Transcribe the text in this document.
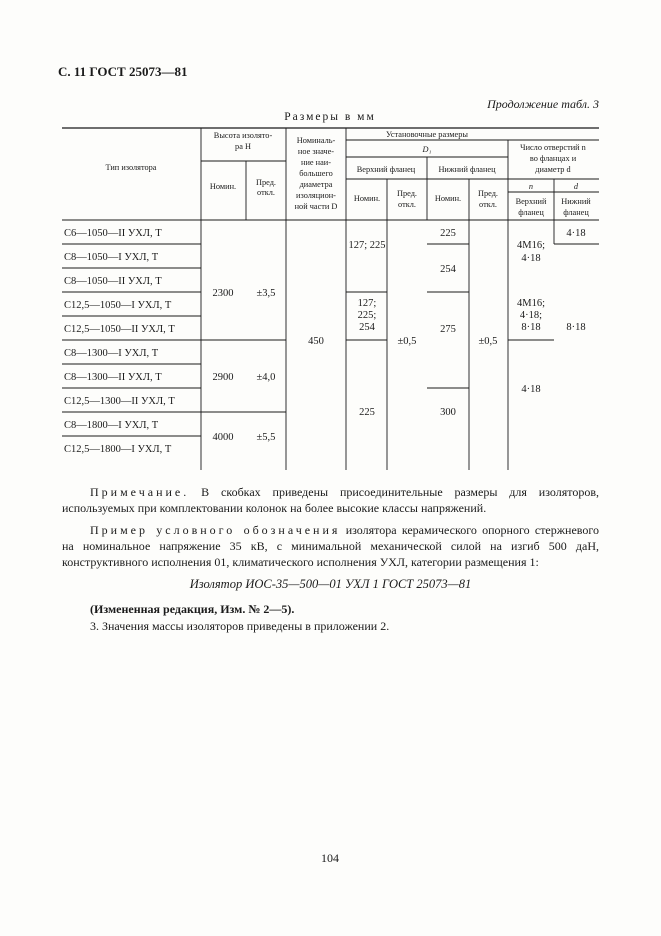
С. 11 ГОСТ 25073—81
Продолжение табл. 3
Размеры в мм
Тип изолятора
Высота изолято-
ра H
Номин. Пред.
откл.
Номиналь-
ное значе-
ние наи-
большего
диаметра
изоляцион-
ной части D
Установочные размеры
D₁
Верхний фланец	Нижний фланец
Номин.
Пред.
откл.
Номин.
Пред.
откл.
Число отверстий n
во фланцах и
диаметр d
n	d
Верхний
фланец
Нижний
фланец
С6—1050—II УХЛ, Т
С8—1050—I УХЛ, Т
С8—1050—II УХЛ, Т
С12,5—1050—I УХЛ, Т
С12,5—1050—II УХЛ, Т
С8—1300—I УХЛ, Т
С8—1300—II УХЛ, Т
С12,5—1300—II УХЛ, Т
С8—1800—I УХЛ, Т
С12,5—1800—I УХЛ, Т
2300 ±3,5
2900 ±4,0
4000 ±5,5
450
127; 225
127;
225;
254
225
±0,5
225
254
275
300
±0,5
4М16;
4·18
4М16;
4·18;
8·18
4·18
4·18
8·18
Примечание. В скобках приведены присоединительные размеры для изоляторов, используемых при комплектовании колонок на более высокие классы напряжений.
Пример условного обозначения изолятора керамического опорного стержневого на номинальное напряжение 35 кВ, с минимальной механической силой на изгиб 500 даН, конструктивного исполнения 01, климатического исполнения УХЛ, категории размещения 1:
Изолятор ИОС-35—500—01 УХЛ 1 ГОСТ 25073—81
(Измененная редакция, Изм. № 2—5).
3. Значения массы изоляторов приведены в приложении 2.
104
